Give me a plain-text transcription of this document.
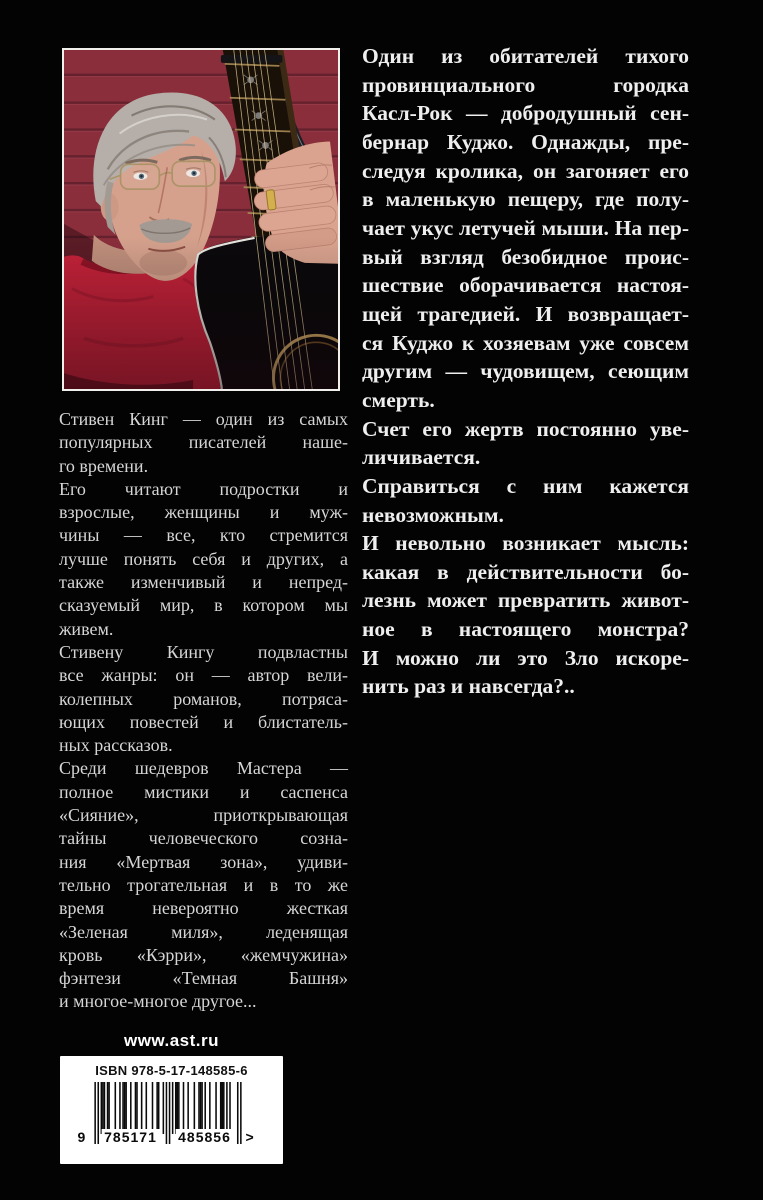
Стивен Кинг — один из самых
популярных писателей наше-
го времени.
Его читают подростки и
взрослые, женщины и муж-
чины — все, кто стремится
лучше понять себя и других, а
также изменчивый и непред-
сказуемый мир, в котором мы
живем.
Стивену Кингу подвластны
все жанры: он — автор вели-
колепных романов, потряса-
ющих повестей и блистатель-
ных рассказов.
Среди шедевров Мастера —
полное мистики и саспенса
«Сияние», приоткрывающая
тайны человеческого созна-
ния «Мертвая зона», удиви-
тельно трогательная и в то же
время невероятно жесткая
«Зеленая миля», леденящая
кровь «Кэрри», «жемчужина»
фэнтези «Темная Башня»
и многое-многое другое...
Один из обитателей тихого
провинциального городка
Касл-Рок — добродушный сен-
бернар Куджо. Однажды, пре-
следуя кролика, он загоняет его
в маленькую пещеру, где полу-
чает укус летучей мыши. На пер-
вый взгляд безобидное проис-
шествие оборачивается настоя-
щей трагедией. И возвращает-
ся Куджо к хозяевам уже совсем
другим — чудовищем, сеющим
смерть.
Счет его жертв постоянно уве-
личивается.
Справиться с ним кажется
невозможным.
И невольно возникает мысль:
какая в действительности бо-
лезнь может превратить живот-
ное в настоящего монстра?
И можно ли это Зло искоре-
нить раз и навсегда?..
www.ast.ru
ISBN 978-5-17-148585-6
9 785171 485856 >
